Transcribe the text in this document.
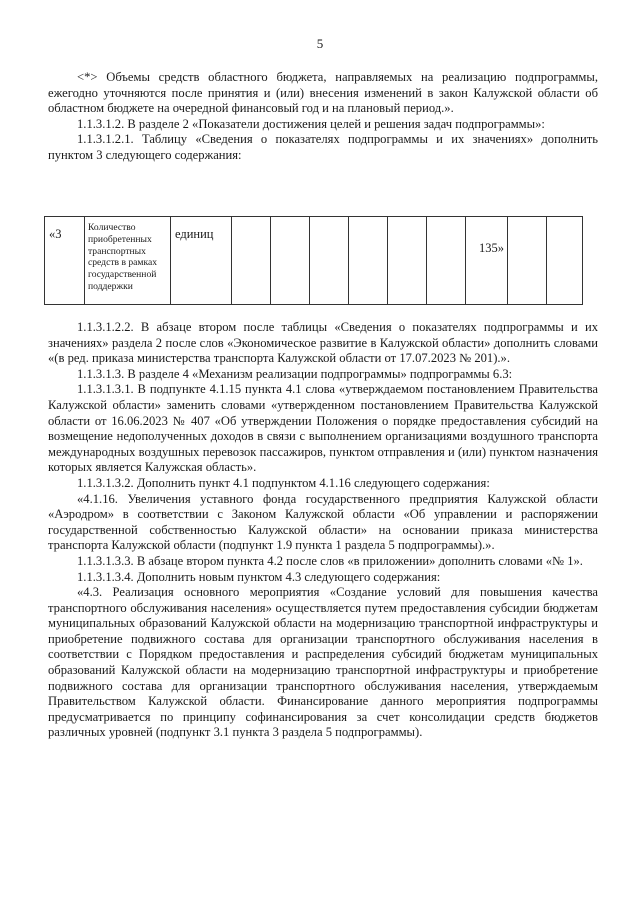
5

<*> Объемы средств областного бюджета, направляемых на реализацию подпрограммы, ежегодно уточняются после принятия и (или) внесения изменений в закон Калужской области об областном бюджете на очередной финансовый год и на плановый период.».

1.1.3.1.2. В разделе 2 «Показатели достижения целей и решения задач подпрограммы»:

1.1.3.1.2.1. Таблицу «Сведения о показателях подпрограммы и их значениях» дополнить пунктом 3 следующего содержания:

«3	Количество приобретенных транспортных средств в рамках государственной поддержки	единиц							135»		

1.1.3.1.2.2. В абзаце втором после таблицы «Сведения о показателях подпрограммы и их значениях» раздела 2 после слов «Экономическое развитие в Калужской области» дополнить словами «(в ред. приказа министерства транспорта Калужской области от 17.07.2023 № 201).».

1.1.3.1.3. В разделе 4 «Механизм реализации подпрограммы» подпрограммы 6.3:

1.1.3.1.3.1. В подпункте 4.1.15 пункта 4.1 слова «утверждаемом постановлением Правительства Калужской области» заменить словами «утвержденном постановлением Правительства Калужской области от 16.06.2023 № 407 «Об утверждении Положения о порядке предоставления субсидий на возмещение недополученных доходов в связи с выполнением организациями воздушного транспорта международных воздушных перевозок пассажиров, пунктом отправления и (или) пунктом назначения которых является Калужская область».

1.1.3.1.3.2. Дополнить пункт 4.1 подпунктом 4.1.16 следующего содержания:

«4.1.16. Увеличения уставного фонда государственного предприятия Калужской области «Аэродром» в соответствии с Законом Калужской области «Об управлении и распоряжении государственной собственностью Калужской области» на основании приказа министерства транспорта Калужской области (подпункт 1.9 пункта 1 раздела 5 подпрограммы).».

1.1.3.1.3.3. В абзаце втором пункта 4.2 после слов «в приложении» дополнить словами «№ 1».

1.1.3.1.3.4. Дополнить новым пунктом 4.3 следующего содержания:

«4.3. Реализация основного мероприятия «Создание условий для повышения качества транспортного обслуживания населения» осуществляется путем предоставления субсидии бюджетам муниципальных образований Калужской области на модернизацию транспортной инфраструктуры и приобретение подвижного состава для организации транспортного обслуживания населения в соответствии с Порядком предоставления и распределения субсидий бюджетам муниципальных образований Калужской области на модернизацию транспортной инфраструктуры и приобретение подвижного состава для организации транспортного обслуживания населения, утверждаемым Правительством Калужской области. Финансирование данного мероприятия подпрограммы предусматривается по принципу софинансирования за счет консолидации средств бюджетов различных уровней (подпункт 3.1 пункта 3 раздела 5 подпрограммы).
